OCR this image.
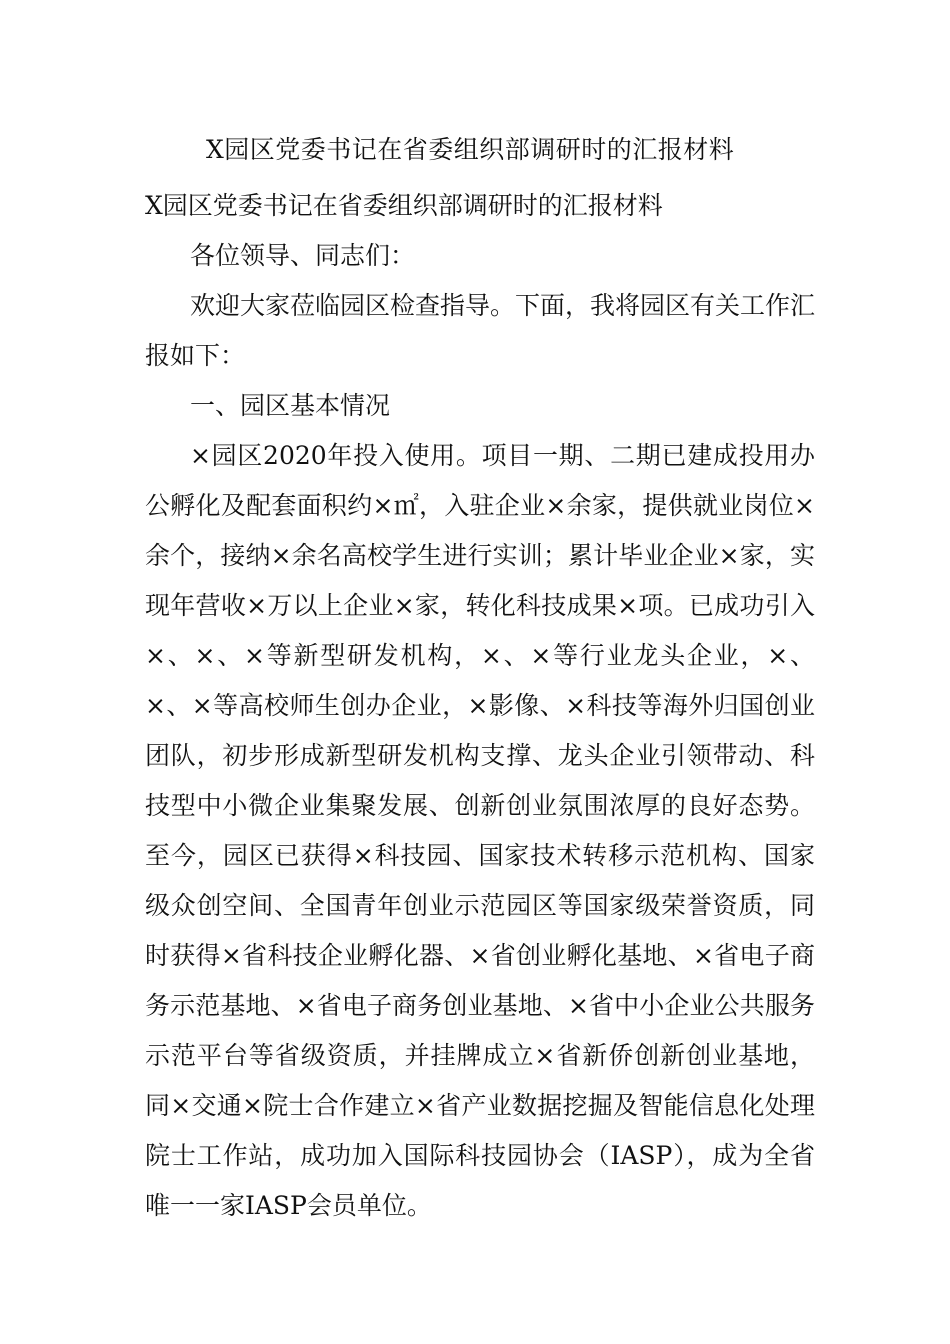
X园区党委书记在省委组织部调研时的汇报材料

X园区党委书记在省委组织部调研时的汇报材料

各位领导、同志们：

欢迎大家莅临园区检查指导。下面，我将园区有关工作汇报如下：

一、园区基本情况

×园区2020年投入使用。项目一期、二期已建成投用办公孵化及配套面积约×㎡，入驻企业×余家，提供就业岗位×余个，接纳×余名高校学生进行实训；累计毕业企业×家，实现年营收×万以上企业×家，转化科技成果×项。已成功引入×、×、×等新型研发机构，×、×等行业龙头企业，×、×、×等高校师生创办企业，×影像、×科技等海外归国创业团队，初步形成新型研发机构支撑、龙头企业引领带动、科技型中小微企业集聚发展、创新创业氛围浓厚的良好态势。至今，园区已获得×科技园、国家技术转移示范机构、国家级众创空间、全国青年创业示范园区等国家级荣誉资质，同时获得×省科技企业孵化器、×省创业孵化基地、×省电子商务示范基地、×省电子商务创业基地、×省中小企业公共服务示范平台等省级资质，并挂牌成立×省新侨创新创业基地，同×交通×院士合作建立×省产业数据挖掘及智能信息化处理院士工作站，成功加入国际科技园协会（IASP），成为全省唯一一家IASP会员单位。
